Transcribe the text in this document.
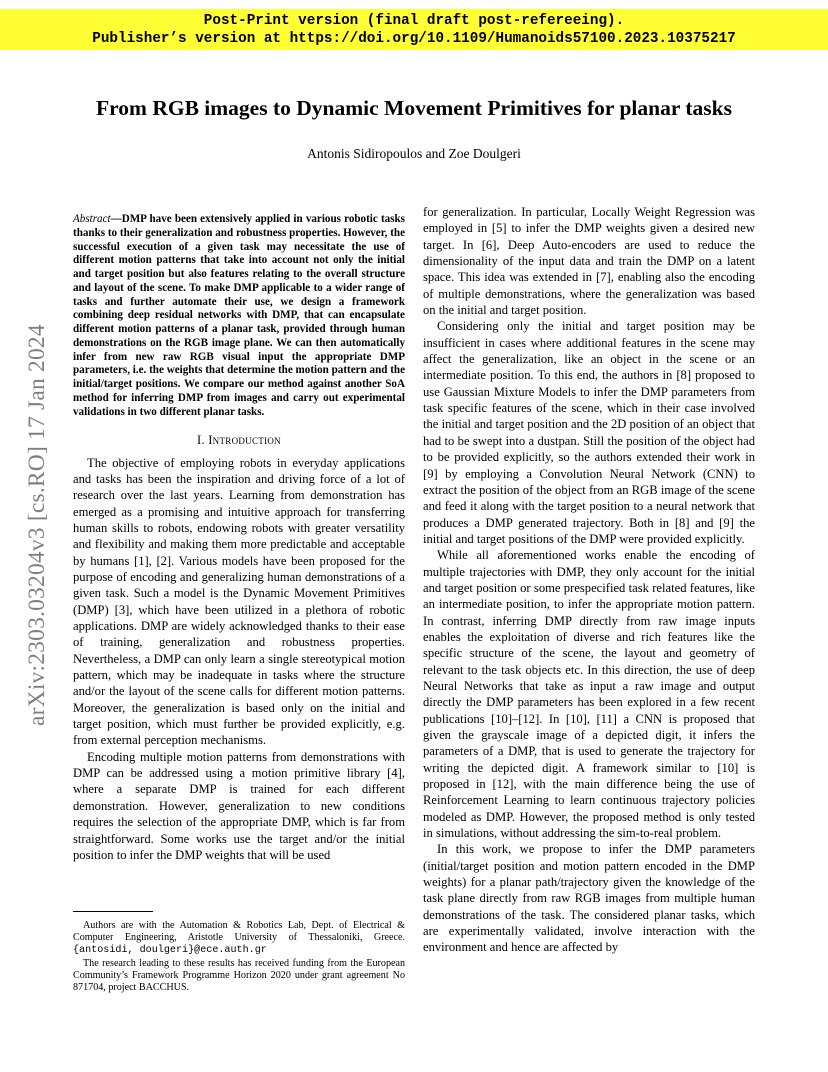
Post-Print version (final draft post-refereeing).
Publisher’s version at https://doi.org/10.1109/Humanoids57100.2023.10375217
arXiv:2303.03204v3 [cs.RO] 17 Jan 2024
From RGB images to Dynamic Movement Primitives for planar tasks
Antonis Sidiropoulos and Zoe Doulgeri

Abstract—DMP have been extensively applied in various robotic tasks thanks to their generalization and robustness properties. However, the successful execution of a given task may necessitate the use of different motion patterns that take into account not only the initial and target position but also features relating to the overall structure and layout of the scene. To make DMP applicable to a wider range of tasks and further automate their use, we design a framework combining deep residual networks with DMP, that can encapsulate different motion patterns of a planar task, provided through human demonstrations on the RGB image plane. We can then automatically infer from new raw RGB visual input the appropriate DMP parameters, i.e. the weights that determine the motion pattern and the initial/target positions. We compare our method against another SoA method for inferring DMP from images and carry out experimental validations in two different planar tasks.

I. Introduction

The objective of employing robots in everyday applications and tasks has been the inspiration and driving force of a lot of research over the last years. Learning from demonstration has emerged as a promising and intuitive approach for transferring human skills to robots, endowing robots with greater versatility and flexibility and making them more predictable and acceptable by humans [1], [2]. Various models have been proposed for the purpose of encoding and generalizing human demonstrations of a given task. Such a model is the Dynamic Movement Primitives (DMP) [3], which have been utilized in a plethora of robotic applications. DMP are widely acknowledged thanks to their ease of training, generalization and robustness properties. Nevertheless, a DMP can only learn a single stereotypical motion pattern, which may be inadequate in tasks where the structure and/or the layout of the scene calls for different motion patterns. Moreover, the generalization is based only on the initial and target position, which must further be provided explicitly, e.g. from external perception mechanisms.

Encoding multiple motion patterns from demonstrations with DMP can be addressed using a motion primitive library [4], where a separate DMP is trained for each different demonstration. However, generalization to new conditions requires the selection of the appropriate DMP, which is far from straightforward. Some works use the target and/or the initial position to infer the DMP weights that will be used

Authors are with the Automation & Robotics Lab, Dept. of Electrical & Computer Engineering, Aristotle University of Thessaloniki, Greece. {antosidi, doulgeri}@ece.auth.gr

The research leading to these results has received funding from the European Community’s Framework Programme Horizon 2020 under grant agreement No 871704, project BACCHUS.

for generalization. In particular, Locally Weight Regression was employed in [5] to infer the DMP weights given a desired new target. In [6], Deep Auto-encoders are used to reduce the dimensionality of the input data and train the DMP on a latent space. This idea was extended in [7], enabling also the encoding of multiple demonstrations, where the generalization was based on the initial and target position.

Considering only the initial and target position may be insufficient in cases where additional features in the scene may affect the generalization, like an object in the scene or an intermediate position. To this end, the authors in [8] proposed to use Gaussian Mixture Models to infer the DMP parameters from task specific features of the scene, which in their case involved the initial and target position and the 2D position of an object that had to be swept into a dustpan. Still the position of the object had to be provided explicitly, so the authors extended their work in [9] by employing a Convolution Neural Network (CNN) to extract the position of the object from an RGB image of the scene and feed it along with the target position to a neural network that produces a DMP generated trajectory. Both in [8] and [9] the initial and target positions of the DMP were provided explicitly.

While all aforementioned works enable the encoding of multiple trajectories with DMP, they only account for the initial and target position or some prespecified task related features, like an intermediate position, to infer the appropriate motion pattern. In contrast, inferring DMP directly from raw image inputs enables the exploitation of diverse and rich features like the specific structure of the scene, the layout and geometry of relevant to the task objects etc. In this direction, the use of deep Neural Networks that take as input a raw image and output directly the DMP parameters has been explored in a few recent publications [10]–[12]. In [10], [11] a CNN is proposed that given the grayscale image of a depicted digit, it infers the parameters of a DMP, that is used to generate the trajectory for writing the depicted digit. A framework similar to [10] is proposed in [12], with the main difference being the use of Reinforcement Learning to learn continuous trajectory policies modeled as DMP. However, the proposed method is only tested in simulations, without addressing the sim-to-real problem.

In this work, we propose to infer the DMP parameters (initial/target position and motion pattern encoded in the DMP weights) for a planar path/trajectory given the knowledge of the task plane directly from raw RGB images from multiple human demonstrations of the task. The considered planar tasks, which are experimentally validated, involve interaction with the environment and hence are affected by
